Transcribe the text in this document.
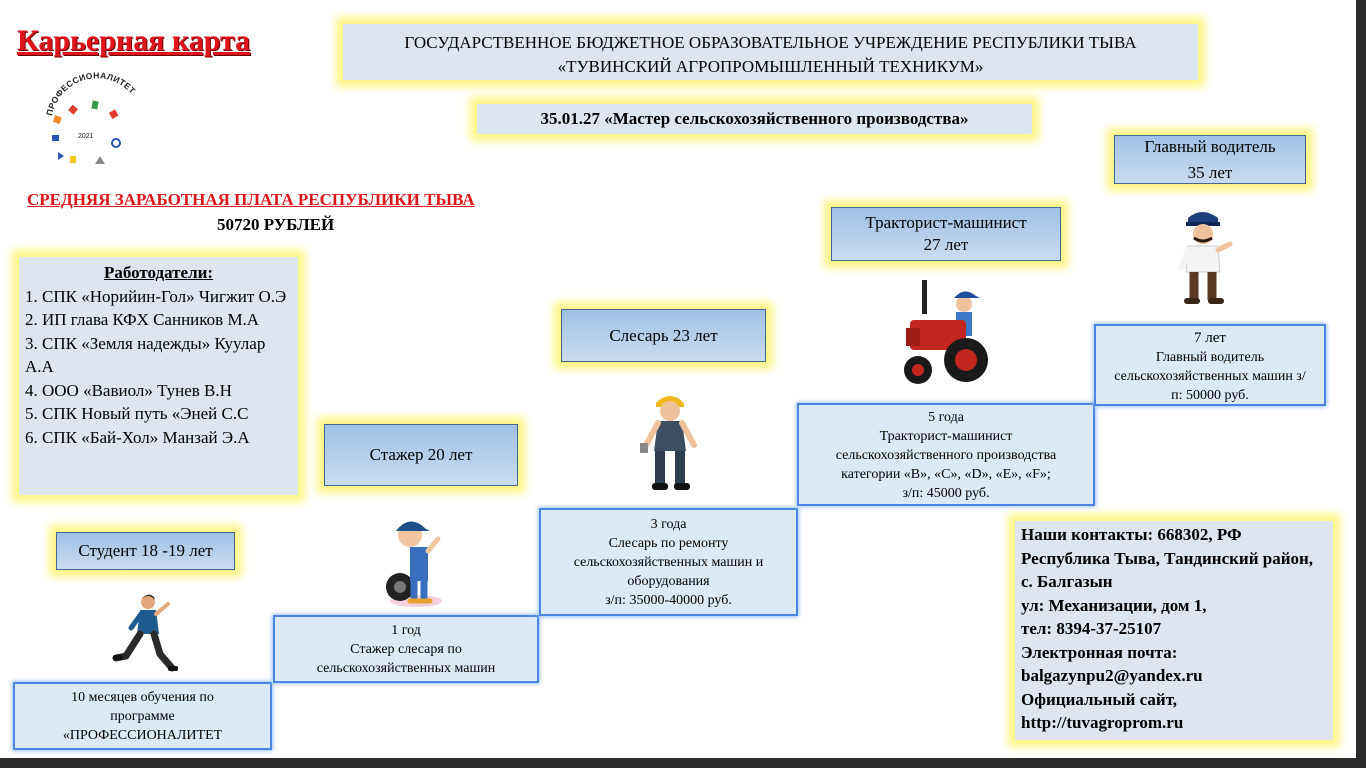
Карьерная карта
ПРОФЕССИОНАЛИТЕТ
2021
ГОСУДАРСТВЕННОЕ БЮДЖЕТНОЕ ОБРАЗОВАТЕЛЬНОЕ УЧРЕЖДЕНИЕ РЕСПУБЛИКИ ТЫВА
«ТУВИНСКИЙ АГРОПРОМЫШЛЕННЫЙ ТЕХНИКУМ»
35.01.27 «Мастер сельскохозяйственного производства»
СРЕДНЯЯ ЗАРАБОТНАЯ ПЛАТА РЕСПУБЛИКИ ТЫВА
50720 РУБЛЕЙ
Работодатели:
1. СПК «Норийин-Гол» Чигжит О.Э
2. ИП глава КФХ Санников М.А
3. СПК «Земля надежды» Куулар А.А
4. ООО «Вавиол» Тунев В.Н
5. СПК Новый путь «Эней С.С
6. СПК «Бай-Хол» Манзай Э.А
Студент 18 -19 лет
Стажер 20 лет
Слесарь 23 лет
Тракторист-машинист
27 лет
Главный водитель
35 лет
10 месяцев обучения по программе
«ПРОФЕССИОНАЛИТЕТ
1 год
Стажер слесаря по сельскохозяйственных машин
3 года
Слесарь по ремонту сельскохозяйственных машин и оборудования
з/п: 35000-40000 руб.
5 года
Тракторист-машинист сельскохозяйственного производства категории «В», «С», «D», «Е», «F»;
з/п: 45000 руб.
7 лет
Главный водитель сельскохозяйственных машин з/п: 50000 руб.
Наши контакты: 668302, РФ Республика Тыва, Тандинский район, с. Балгазын
ул: Механизации, дом 1,
тел: 8394-37-25107
Электронная почта:
balgazynpu2@yandex.ru
Официальный сайт,
http://tuvagroprom.ru
